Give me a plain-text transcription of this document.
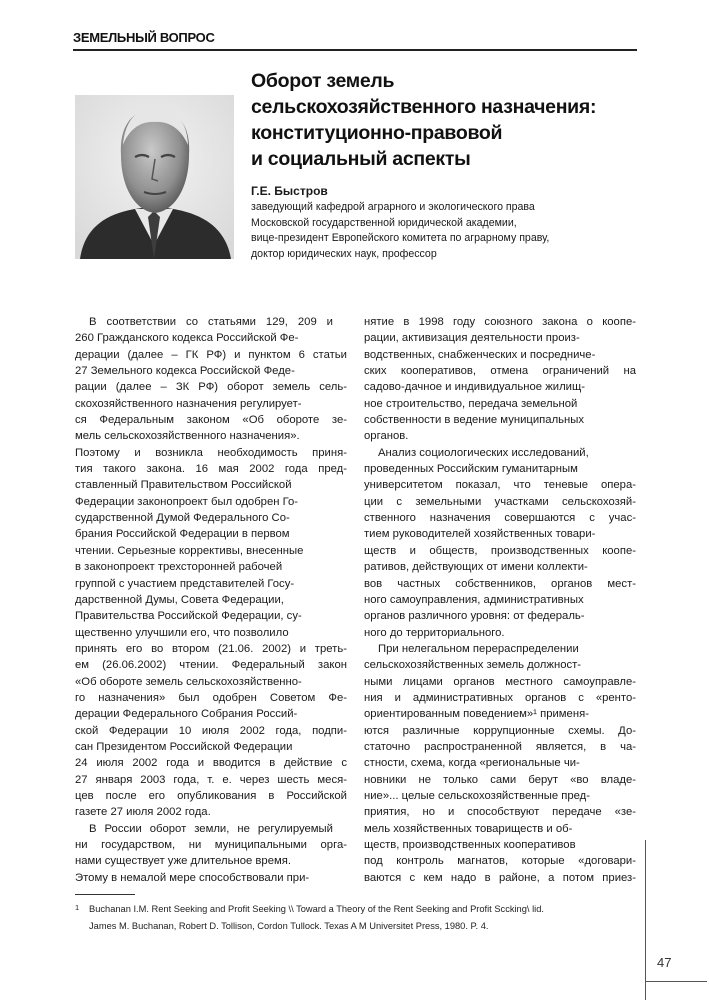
ЗЕМЕЛЬНЫЙ ВОПРОС
Оборот земель
сельскохозяйственного назначения:
конституционно-правовой
и социальный аспекты
Г.Е. Быстров
заведующий кафедрой аграрного и экологического права
Московской государственной юридической академии,
вице-президент Европейского комитета по аграрному праву,
доктор юридических наук, профессор
В соответствии со статьями 129, 209 и
260 Гражданского кодекса Российской Фе-
дерации (далее – ГК РФ) и пунктом 6 статьи
27 Земельного кодекса Российской Феде-
рации (далее – ЗК РФ) оборот земель сель-
скохозяйственного назначения регулирует-
ся Федеральным законом «Об обороте зе-
мель сельскохозяйственного назначения».
Поэтому и возникла необходимость приня-
тия такого закона. 16 мая 2002 года пред-
ставленный Правительством Российской
Федерации законопроект был одобрен Го-
сударственной Думой Федерального Со-
брания Российской Федерации в первом
чтении. Серьезные коррективы, внесенные
в законопроект трехсторонней рабочей
группой с участием представителей Госу-
дарственной Думы, Совета Федерации,
Правительства Российской Федерации, су-
щественно улучшили его, что позволило
принять его во втором (21.06. 2002) и треть-
ем (26.06.2002) чтении. Федеральный закон
«Об обороте земель сельскохозяйственно-
го назначения» был одобрен Советом Фе-
дерации Федерального Собрания Россий-
ской Федерации 10 июля 2002 года, подпи-
сан Президентом Российской Федерации
24 июля 2002 года и вводится в действие с
27 января 2003 года, т. е. через шесть меся-
цев после его опубликования в Российской
газете 27 июля 2002 года.
В России оборот земли, не регулируемый
ни государством, ни муниципальными орга-
нами существует уже длительное время.
Этому в немалой мере способствовали при-
нятие в 1998 году союзного закона о коопе-
рации, активизация деятельности произ-
водственных, снабженческих и посредниче-
ских кооперативов, отмена ограничений на
садово-дачное и индивидуальное жилищ-
ное строительство, передача земельной
собственности в ведение муниципальных
органов.
Анализ социологических исследований,
проведенных Российским гуманитарным
университетом показал, что теневые опера-
ции с земельными участками сельскохозяй-
ственного назначения совершаются с учас-
тием руководителей хозяйственных товари-
ществ и обществ, производственных коопе-
ративов, действующих от имени коллекти-
вов частных собственников, органов мест-
ного самоуправления, административных
органов различного уровня: от федераль-
ного до территориального.
При нелегальном перераспределении
сельскохозяйственных земель должност-
ными лицами органов местного самоуправле-
ния и административных органов с «ренто-
ориентированным поведением»¹ применя-
ются различные коррупционные схемы. До-
статочно распространенной является, в ча-
стности, схема, когда «региональные чи-
новники не только сами берут «во владе-
ние»... целые сельскохозяйственные пред-
приятия, но и способствуют передаче «зе-
мель хозяйственных товариществ и об-
ществ, производственных кооперативов
под контроль магнатов, которые «договари-
ваются с кем надо в районе, а потом приез-
1	Buchanan I.M. Rent Seeking and Profit Seeking \\ Toward a Theory of the Rent Seeking and Profit Scсking\ lid.
James M. Buchanan, Robert D. Tollison, Cordon Tullock. Texas A M Universitet Press, 1980. P. 4.
47
